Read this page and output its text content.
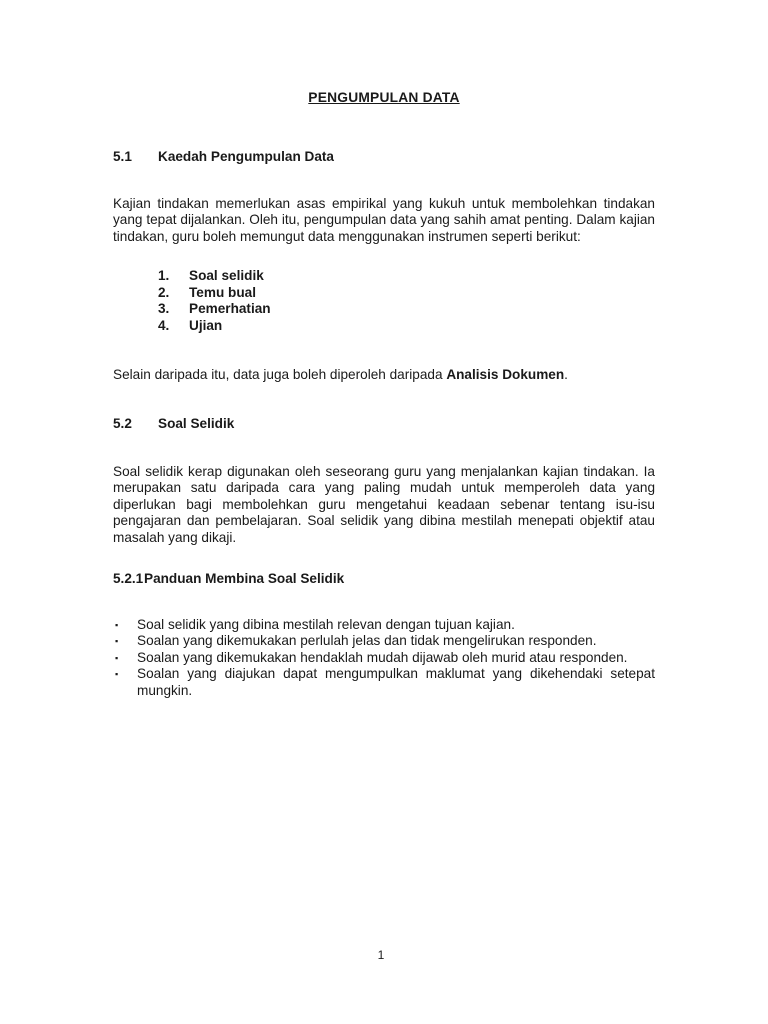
PENGUMPULAN DATA
5.1 Kaedah Pengumpulan Data
Kajian tindakan memerlukan asas empirikal yang kukuh untuk membolehkan tindakan yang tepat dijalankan. Oleh itu, pengumpulan data yang sahih amat penting. Dalam kajian tindakan, guru boleh memungut data menggunakan instrumen seperti berikut:
1. Soal selidik
2. Temu bual
3. Pemerhatian
4. Ujian
Selain daripada itu, data juga boleh diperoleh daripada Analisis Dokumen.
5.2 Soal Selidik
Soal selidik kerap digunakan oleh seseorang guru yang menjalankan kajian tindakan. Ia merupakan satu daripada cara yang paling mudah untuk memperoleh data yang diperlukan bagi membolehkan guru mengetahui keadaan sebenar tentang isu-isu pengajaran dan pembelajaran. Soal selidik yang dibina mestilah menepati objektif atau masalah yang dikaji.
5.2.1Panduan Membina Soal Selidik
▪ Soal selidik yang dibina mestilah relevan dengan tujuan kajian.
▪ Soalan yang dikemukakan perlulah jelas dan tidak mengelirukan responden.
▪ Soalan yang dikemukakan hendaklah mudah dijawab oleh murid atau responden.
▪ Soalan yang diajukan dapat mengumpulkan maklumat yang dikehendaki setepat mungkin.
1
